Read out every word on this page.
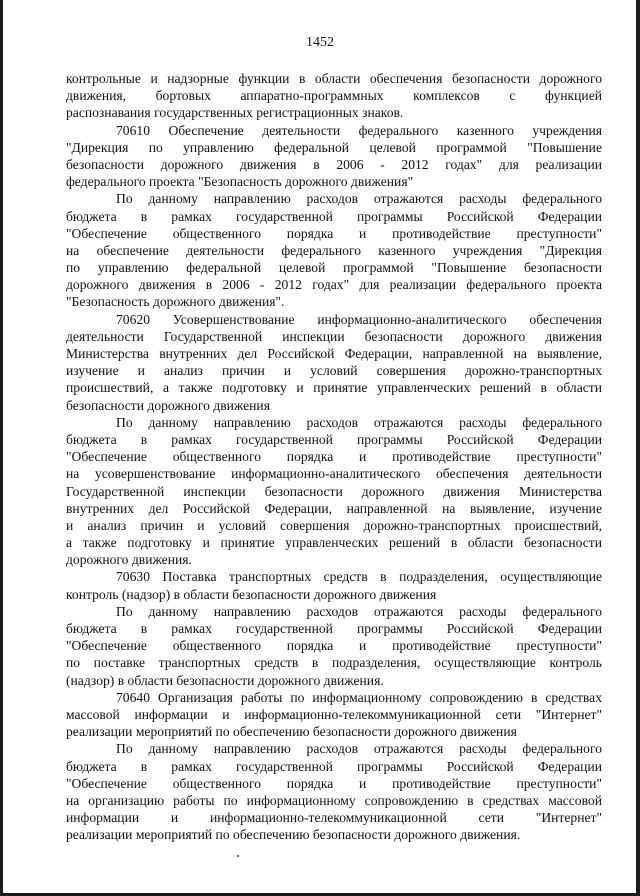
1452
контрольные и надзорные функции в области обеспечения безопасности дорожного
движения, бортовых аппаратно-программных комплексов с функцией
распознавания государственных регистрационных знаков.
70610 Обеспечение деятельности федерального казенного учреждения
"Дирекция по управлению федеральной целевой программой "Повышение
безопасности дорожного движения в 2006 - 2012 годах" для реализации
федерального проекта "Безопасность дорожного движения"
По данному направлению расходов отражаются расходы федерального
бюджета в рамках государственной программы Российской Федерации
"Обеспечение общественного порядка и противодействие преступности"
на обеспечение деятельности федерального казенного учреждения "Дирекция
по управлению федеральной целевой программой "Повышение безопасности
дорожного движения в 2006 - 2012 годах" для реализации федерального проекта
"Безопасность дорожного движения".
70620 Усовершенствование информационно-аналитического обеспечения
деятельности Государственной инспекции безопасности дорожного движения
Министерства внутренних дел Российской Федерации, направленной на выявление,
изучение и анализ причин и условий совершения дорожно-транспортных
происшествий, а также подготовку и принятие управленческих решений в области
безопасности дорожного движения
По данному направлению расходов отражаются расходы федерального
бюджета в рамках государственной программы Российской Федерации
"Обеспечение общественного порядка и противодействие преступности"
на усовершенствование информационно-аналитического обеспечения деятельности
Государственной инспекции безопасности дорожного движения Министерства
внутренних дел Российской Федерации, направленной на выявление, изучение
и анализ причин и условий совершения дорожно-транспортных происшествий,
а также подготовку и принятие управленческих решений в области безопасности
дорожного движения.
70630 Поставка транспортных средств в подразделения, осуществляющие
контроль (надзор) в области безопасности дорожного движения
По данному направлению расходов отражаются расходы федерального
бюджета в рамках государственной программы Российской Федерации
"Обеспечение общественного порядка и противодействие преступности"
по поставке транспортных средств в подразделения, осуществляющие контроль
(надзор) в области безопасности дорожного движения.
70640 Организация работы по информационному сопровождению в средствах
массовой информации и информационно-телекоммуникационной сети "Интернет"
реализации мероприятий по обеспечению безопасности дорожного движения
По данному направлению расходов отражаются расходы федерального
бюджета в рамках государственной программы Российской Федерации
"Обеспечение общественного порядка и противодействие преступности"
на организацию работы по информационному сопровождению в средствах массовой
информации и информационно-телекоммуникационной сети "Интернет"
реализации мероприятий по обеспечению безопасности дорожного движения.
